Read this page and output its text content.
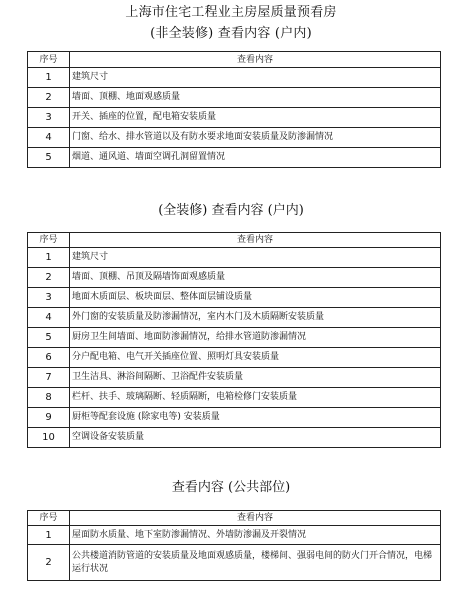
上海市住宅工程业主房屋质量预看房
(非全装修) 查看内容 (户内)
序号	查看内容
1	建筑尺寸
2	墙面、顶棚、地面观感质量
3	开关、插座的位置，配电箱安装质量
4	门窗、给水、排水管道以及有防水要求地面安装质量及防渗漏情况
5	烟道、通风道、墙面空调孔洞留置情况
(全装修) 查看内容 (户内)
序号	查看内容
1	建筑尺寸
2	墙面、顶棚、吊顶及隔墙饰面观感质量
3	地面木质面层、板块面层、整体面层铺设质量
4	外门窗的安装质量及防渗漏情况，室内木门及木质隔断安装质量
5	厨房卫生间墙面、地面防渗漏情况，给排水管道防渗漏情况
6	分户配电箱、电气开关插座位置、照明灯具安装质量
7	卫生洁具、淋浴间隔断、卫浴配件安装质量
8	栏杆、扶手、玻璃隔断、轻质隔断，电箱检修门安装质量
9	厨柜等配套设施 (除家电等) 安装质量
10	空调设备安装质量
查看内容 (公共部位)
序号	查看内容
1	屋面防水质量、地下室防渗漏情况、外墙防渗漏及开裂情况
2	公共楼道消防管道的安装质量及地面观感质量，楼梯间、强弱电间的防火门开合情况，电梯运行状况
